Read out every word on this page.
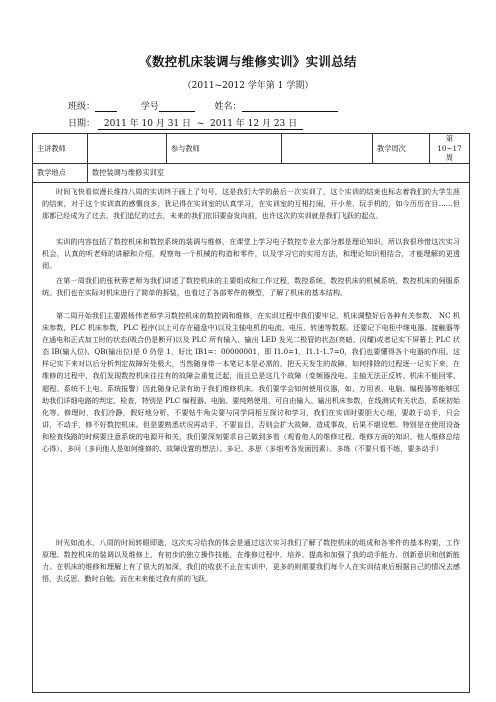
《数控机床装调与维修实训》实训总结
（2011~2012 学年第 1 学期）
班级：	学号	姓名：
日期： 2011 年 10 月 31 日 ~ 2011 年 12 月 23 日
主讲教师		参与教师		教学周次	第 10~17 周
教学地点	数控装调与维修实训室				

时间飞快看似漫长维持八周的实训终于画上了句号，这是我们大学的最后一次实训了，这个实训的结束也标志着我们的大学生涯的结束，对于这个实训真的感慨良多，犹记得在实训室的认真学习，在实训室的互相打闹，开小差，玩手机的，如今历历在目……但那都已经成为了过去，我们追忆的过去，未来的我们依旧要奋发向前，也许这次的实训就是我们飞跃的起点。

实训的内容包括了数控机床和数控系统的装调与维修，在课堂上学习电子数控专业大部分都是理论知识，所以我很珍惜这次实习机会，认真的听老师的讲解和介绍，观察每一个机械的构造和零件，以及学习它的实用方法，和理论知识相结合，才能理解的更透彻。

在第一周我们的张秋蓉老师为我们讲述了数控机床的主要组成和工作过程，数控系统，数控机床的机械系统，数控机床的伺服系统。我们也在实际对机床进行了简单的拆装，也看过了各部零件的模型，了解了机床的基本结构。

第二周开始我们主要跟杨伟老师学习数控机床的数控调和维修，在实训过程中我们要牢记，机床调整好后各种有关参数、 NC 机床参数，PLC 机床参数，PLC 程序(以上可存在磁盘中)以及主轴电机的电流、电压、转速等数据。还要记下电柜中继电器、接触器等在通电和正式加工时的状态(吸合仍是断开)以及 PLC 所有输入、输出 LED 发光二极管的状态(亮暗、闪耀)或者记实下屏幕上 PLC 状态 IB(输入位)、QB(输出位)是 0 仍是 1，好比 IB1=：00000001，即 I1.0=1，I1.1-1.7=0，我们也要懂得各个电器的作用。这样记实下来对以后分析判定故障好处极大，当然随身带一本笔记本是必需的，把天天发生的故障，如何排除的过程逐一记实下来，在维修的过程中，我们发现数控机床往往有的故障会重复泛起，而且总是这几个故障（变频器没电、主轴无法正反转、机床不能回零、超程、系统不上电、系统报警）因此随身记录有助于我们维修机床。我们要学会如何使用仪器，如、万用表、电脑、编程器等能够匡助我们详细电路的判定、检查，特别是 PLC 编程器、电脑、要纯熟使用，可自由输入、输出机床参数，在线测试有关状态，系统初始化等。修理时，我们冷静，假好地分析，不要钻牛角尖要与同学同相互探讨和学习，我们在实训时要胆大心细，要敢于动手，只会讲，不动手，修不好数控机床。但是要熟悉状况再动手，不要盲目，否则会扩大故障，造成事故，后果不堪设想。特别是在使用设备和检查线路的时候要注意系统的电源开和关，我们要深刻要求自己做到多看（观看他人的维修过程、维修方面的知识、他人维修总结心得）、多问（多问他人是如何维修的、故障设置的想法）、多记、多思（多细考各发面因素）、多练（不要只看不练，要多动手）

时光如流水，八周的时间转眼即逝，这次实习给我的体会是通过这次实习我们了解了数控机床的组成和各零件的基本构架，工作原理。数控机床的装调以及维修上，有初步的独立操作技能，在维修过程中，培养、提高和加强了我的动手能力、创新意识和创新能力。在机床的维修和理解上有了很大的加深，我们的收获不止在实训中，更多的则需要我们每个人在实训结束后根据自己的情况去感悟，去反思，勤时自勉。而在未来能过我有质的飞跃。
